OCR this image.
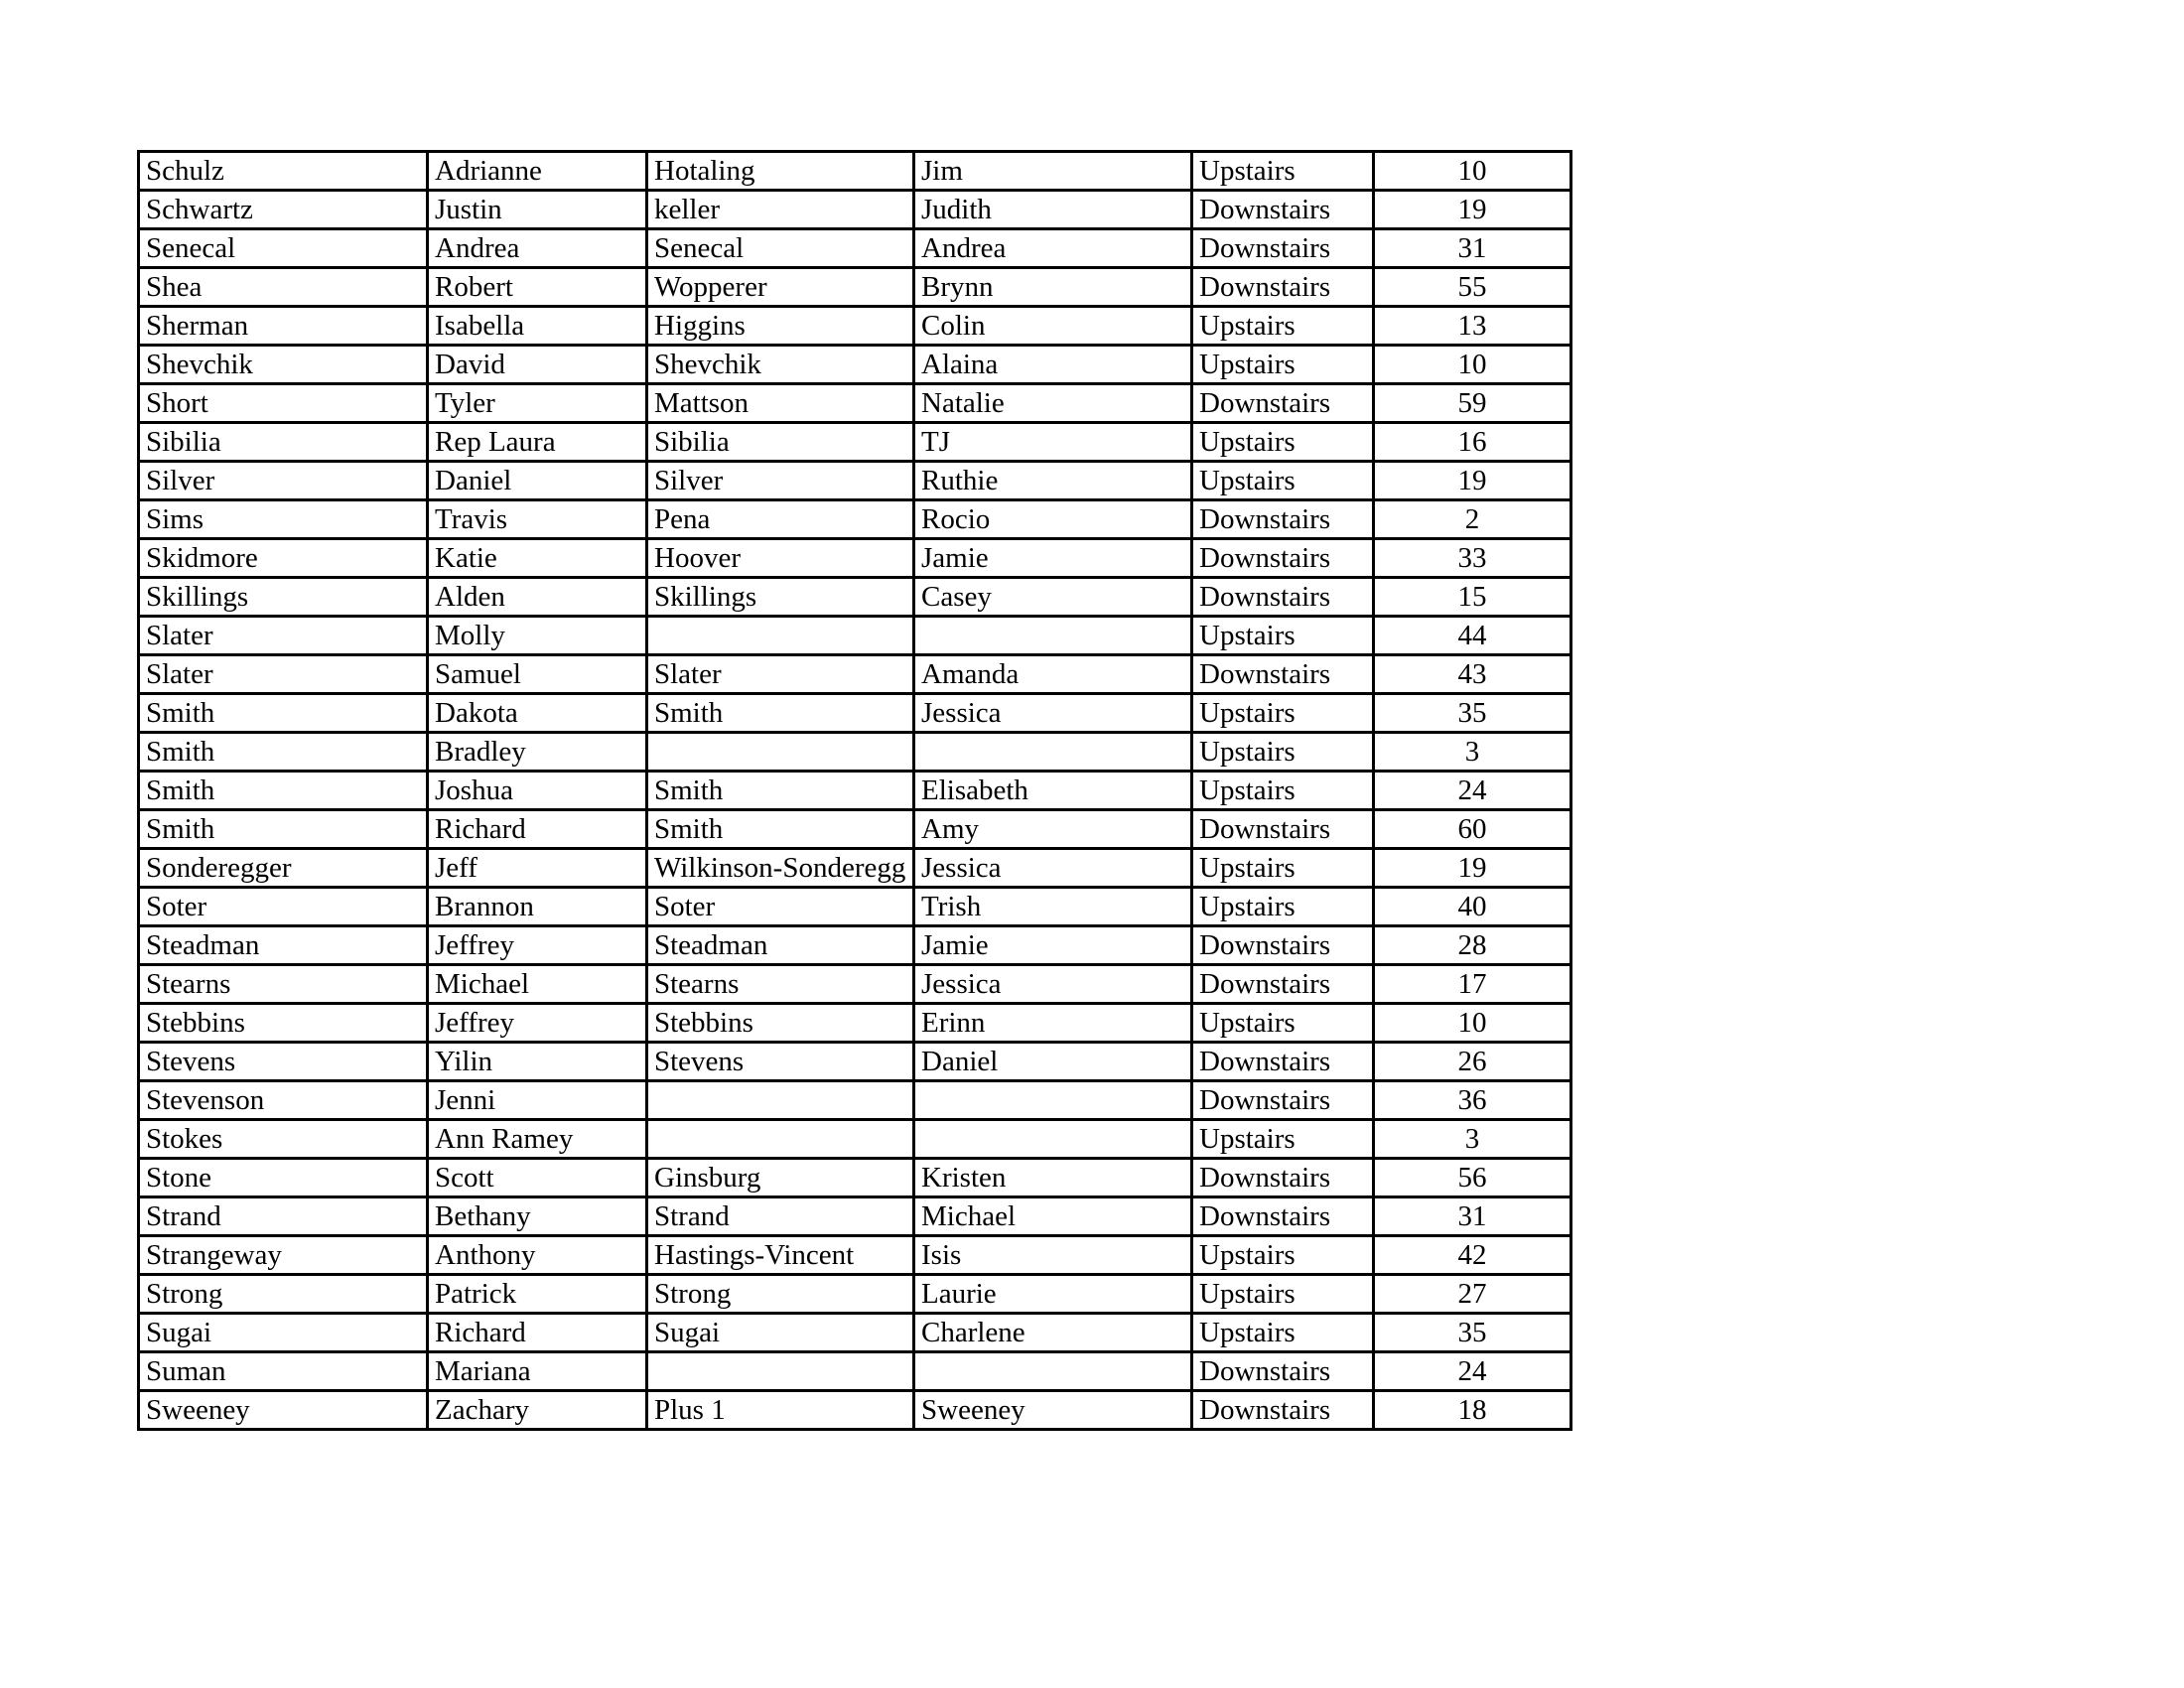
Schulz	Adrianne	Hotaling	Jim	Upstairs	10
Schwartz	Justin	keller	Judith	Downstairs	19
Senecal	Andrea	Senecal	Andrea	Downstairs	31
Shea	Robert	Wopperer	Brynn	Downstairs	55
Sherman	Isabella	Higgins	Colin	Upstairs	13
Shevchik	David	Shevchik	Alaina	Upstairs	10
Short	Tyler	Mattson	Natalie	Downstairs	59
Sibilia	Rep Laura	Sibilia	TJ	Upstairs	16
Silver	Daniel	Silver	Ruthie	Upstairs	19
Sims	Travis	Pena	Rocio	Downstairs	2
Skidmore	Katie	Hoover	Jamie	Downstairs	33
Skillings	Alden	Skillings	Casey	Downstairs	15
Slater	Molly			Upstairs	44
Slater	Samuel	Slater	Amanda	Downstairs	43
Smith	Dakota	Smith	Jessica	Upstairs	35
Smith	Bradley			Upstairs	3
Smith	Joshua	Smith	Elisabeth	Upstairs	24
Smith	Richard	Smith	Amy	Downstairs	60
Sonderegger	Jeff	Wilkinson-Sonderegg	Jessica	Upstairs	19
Soter	Brannon	Soter	Trish	Upstairs	40
Steadman	Jeffrey	Steadman	Jamie	Downstairs	28
Stearns	Michael	Stearns	Jessica	Downstairs	17
Stebbins	Jeffrey	Stebbins	Erinn	Upstairs	10
Stevens	Yilin	Stevens	Daniel	Downstairs	26
Stevenson	Jenni			Downstairs	36
Stokes	Ann Ramey			Upstairs	3
Stone	Scott	Ginsburg	Kristen	Downstairs	56
Strand	Bethany	Strand	Michael	Downstairs	31
Strangeway	Anthony	Hastings-Vincent	Isis	Upstairs	42
Strong	Patrick	Strong	Laurie	Upstairs	27
Sugai	Richard	Sugai	Charlene	Upstairs	35
Suman	Mariana			Downstairs	24
Sweeney	Zachary	Plus 1	Sweeney	Downstairs	18
